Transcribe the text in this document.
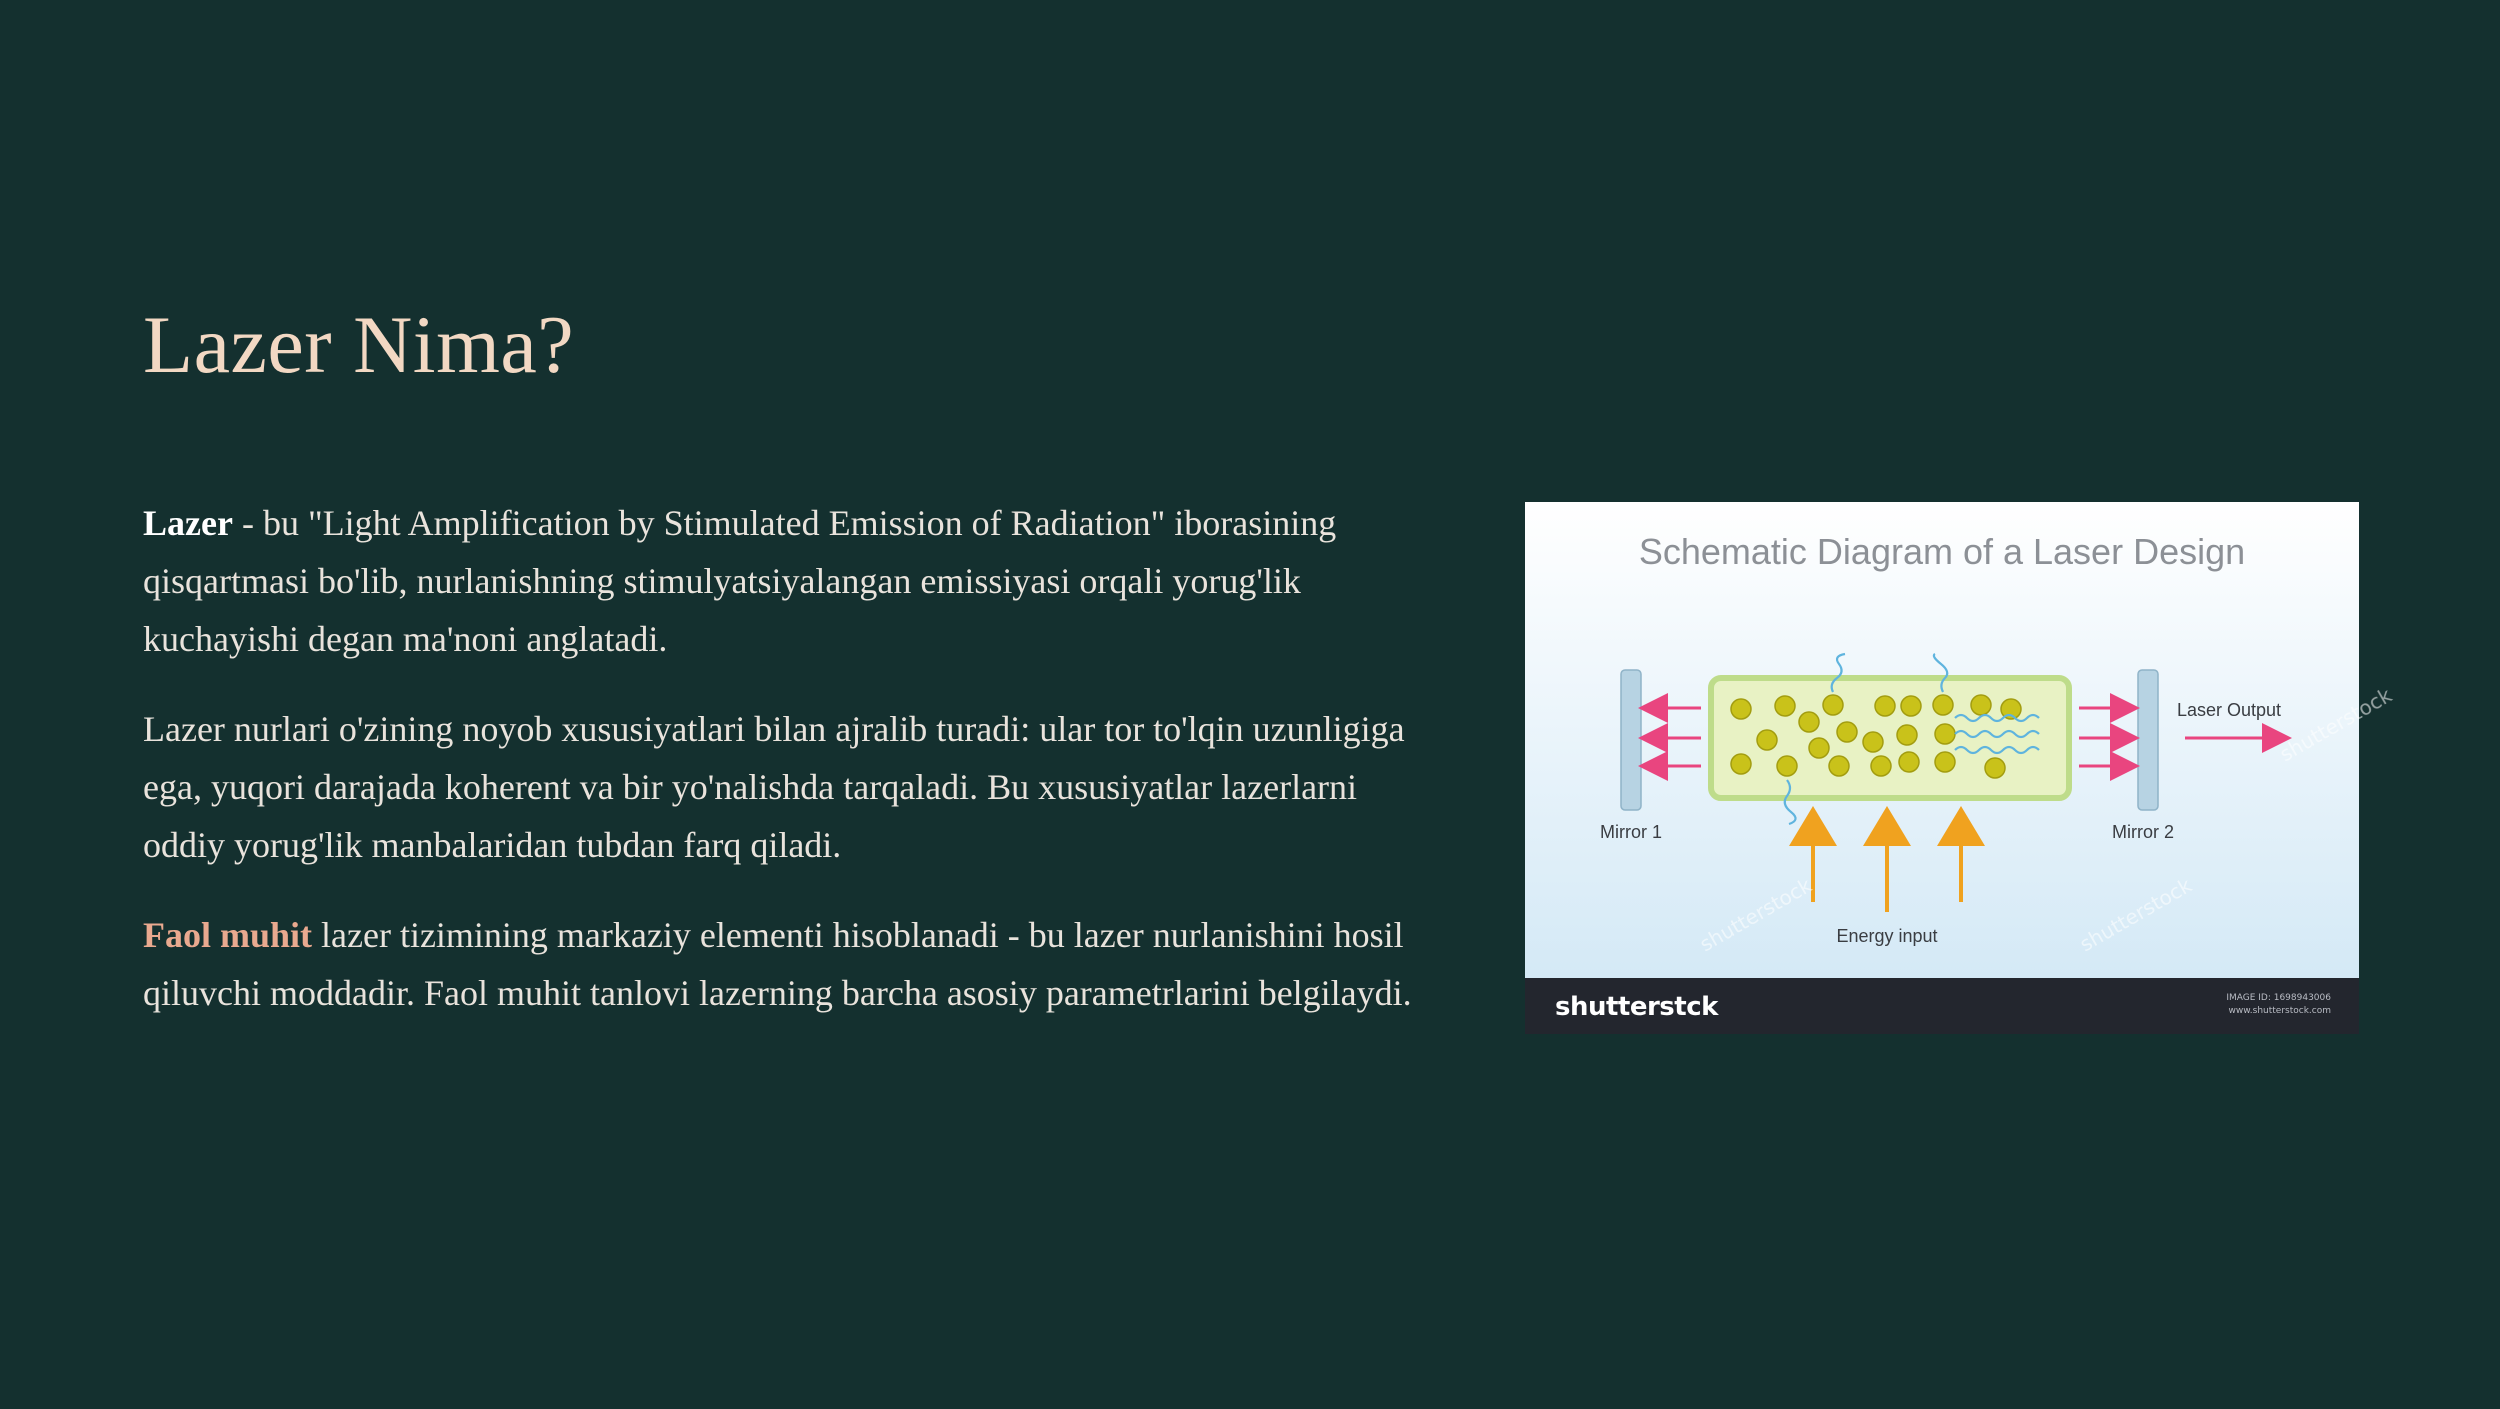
Lazer Nima?

Lazer - bu "Light Amplification by Stimulated Emission of Radiation" iborasining qisqartmasi bo'lib, nurlanishning stimulyatsiyalangan emissiyasi orqali yorug'lik kuchayishi degan ma'noni anglatadi.

Lazer nurlari o'zining noyob xususiyatlari bilan ajralib turadi: ular tor to'lqin uzunligiga ega, yuqori darajada koherent va bir yo'nalishda tarqaladi. Bu xususiyatlar lazerlarni oddiy yorug'lik manbalaridan tubdan farq qiladi.

Faol muhit lazer tizimining markaziy elementi hisoblanadi - bu lazer nurlanishini hosil qiluvchi moddadir. Faol muhit tanlovi lazerning barcha asosiy parametrlarini belgilaydi.

Schematic Diagram of a Laser Design
Mirror 1	Mirror 2
Laser Output
Energy input
shutterstock	shutterstock
shutterstock
shutterstck	IMAGE ID: 1698943006
www.shutterstock.com
